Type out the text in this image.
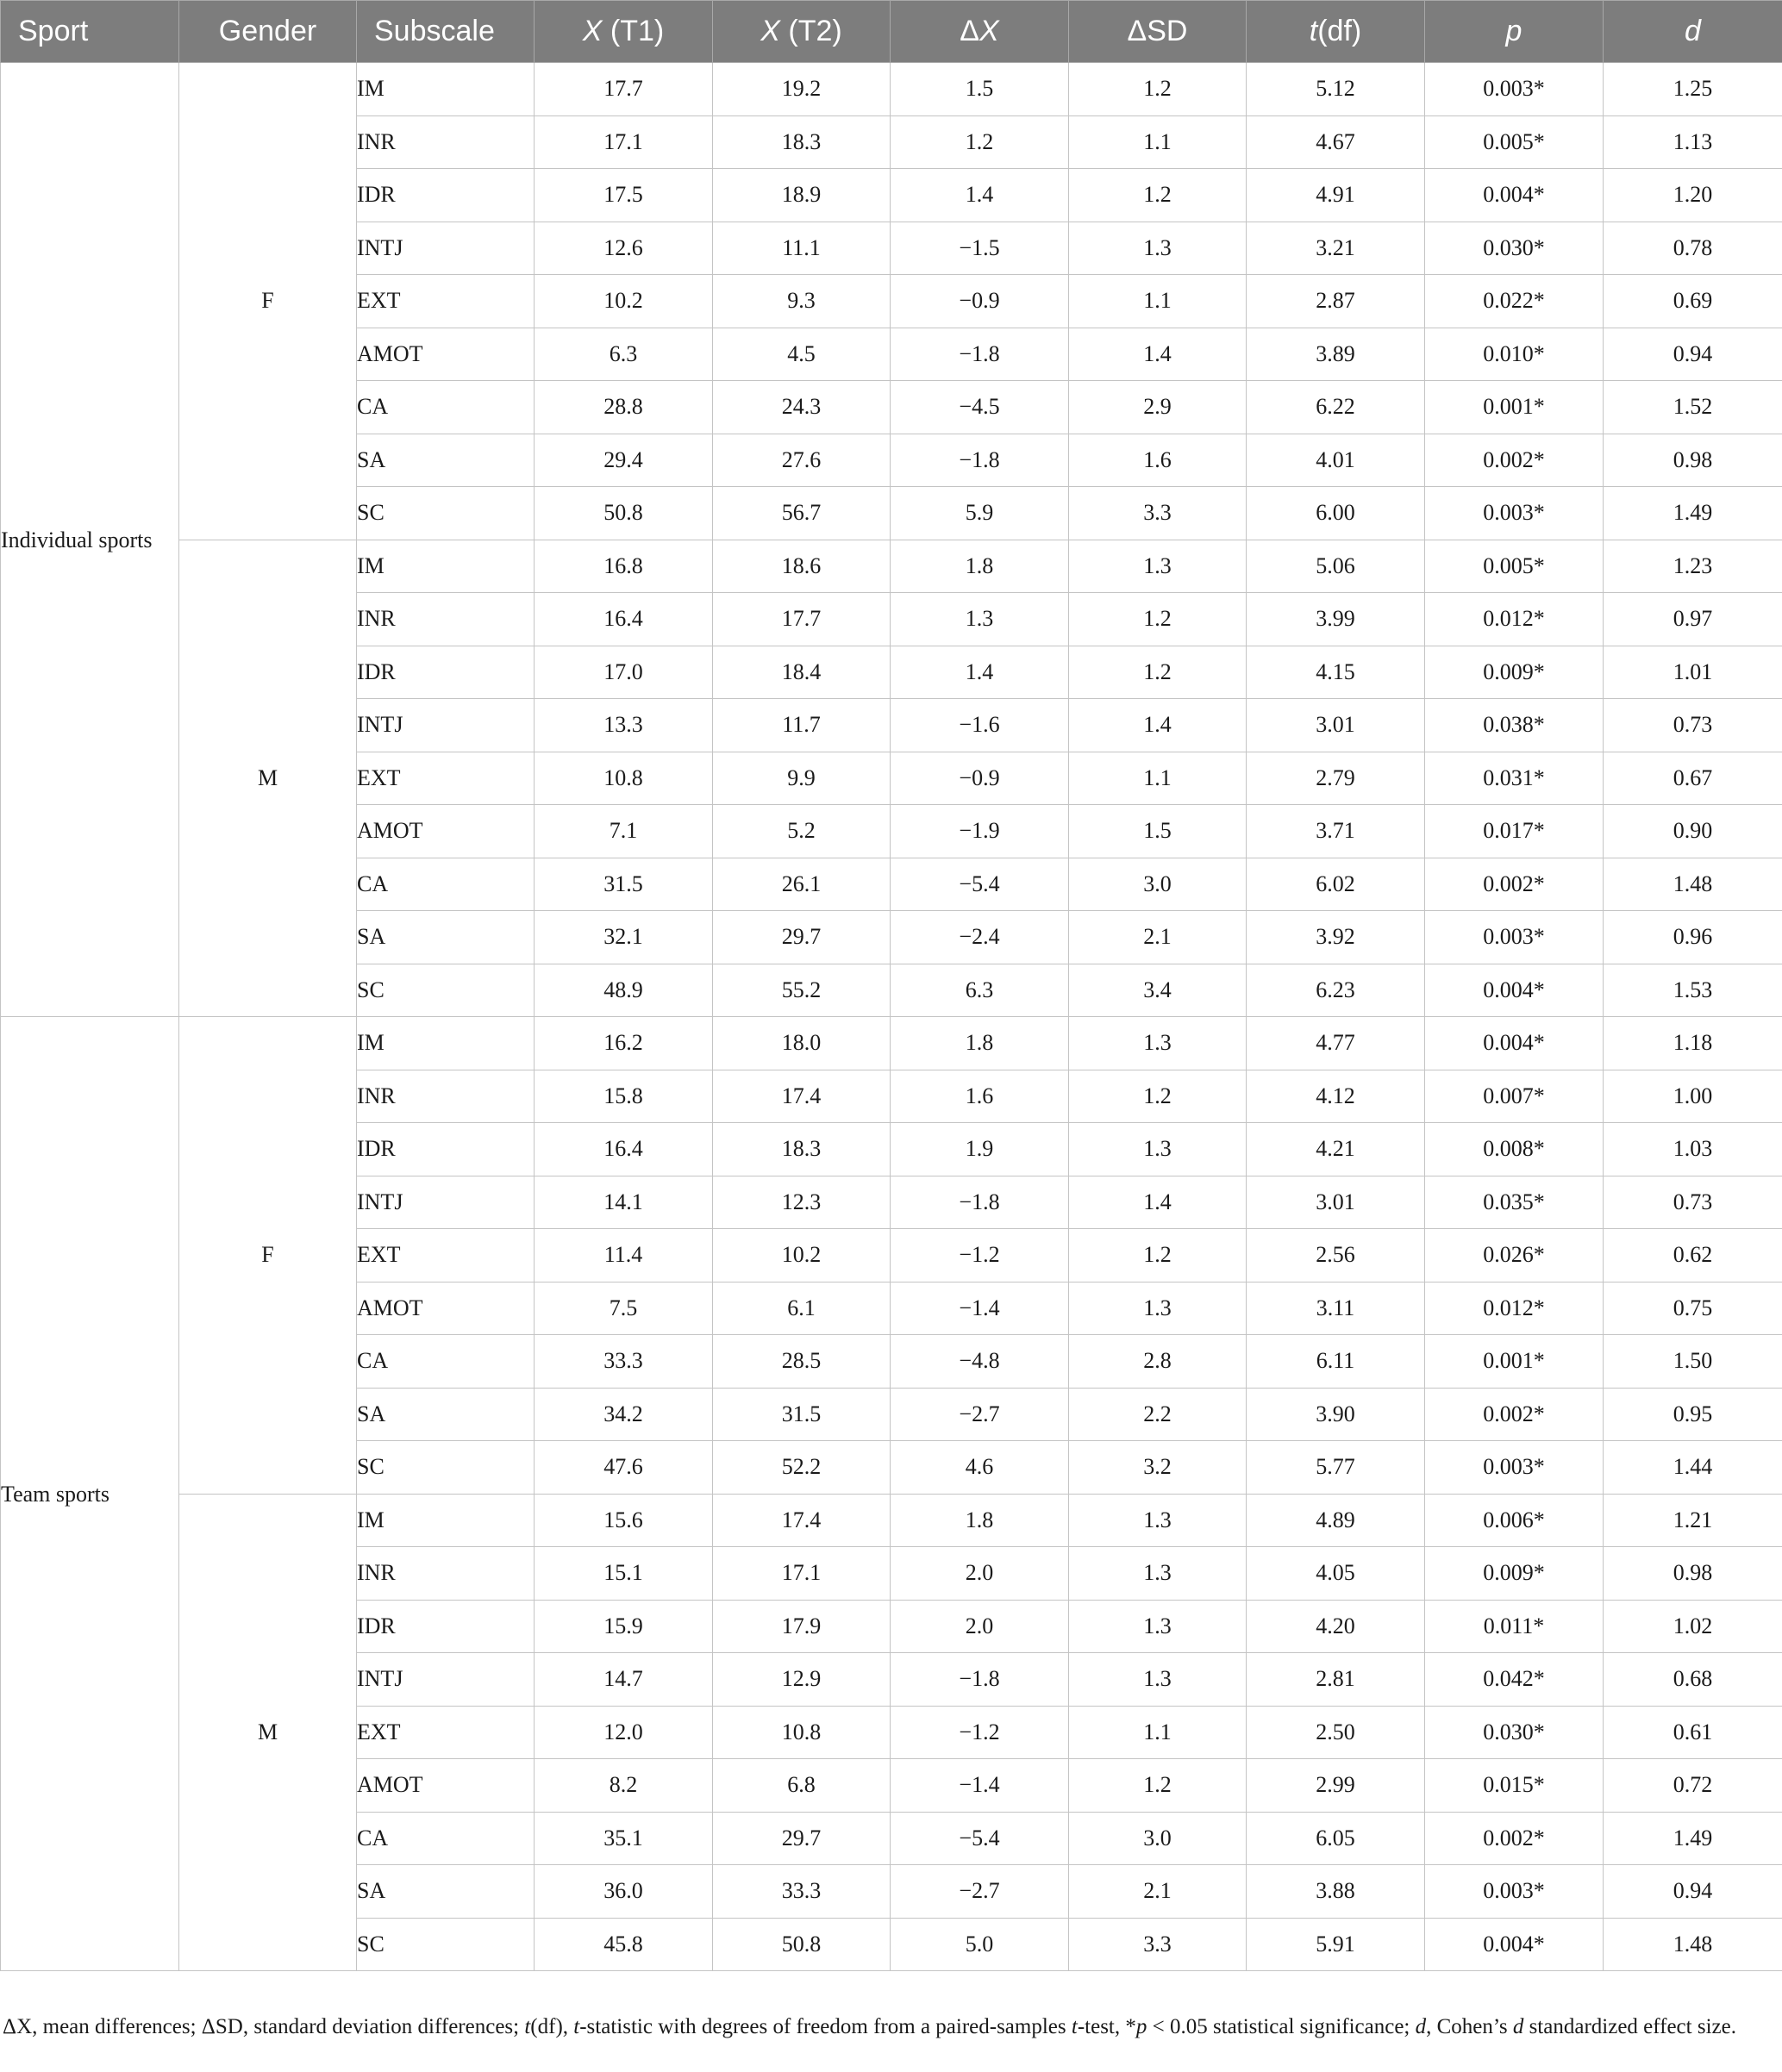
Sport	Gender	Subscale	X (T1)	X (T2)	ΔX	ΔSD	t(df)	p	d
Individual sports	F	IM	17.7	19.2	1.5	1.2	5.12	0.003*	1.25
		INR	17.1	18.3	1.2	1.1	4.67	0.005*	1.13
		IDR	17.5	18.9	1.4	1.2	4.91	0.004*	1.20
		INTJ	12.6	11.1	−1.5	1.3	3.21	0.030*	0.78
		EXT	10.2	9.3	−0.9	1.1	2.87	0.022*	0.69
		AMOT	6.3	4.5	−1.8	1.4	3.89	0.010*	0.94
		CA	28.8	24.3	−4.5	2.9	6.22	0.001*	1.52
		SA	29.4	27.6	−1.8	1.6	4.01	0.002*	0.98
		SC	50.8	56.7	5.9	3.3	6.00	0.003*	1.49
	M	IM	16.8	18.6	1.8	1.3	5.06	0.005*	1.23
		INR	16.4	17.7	1.3	1.2	3.99	0.012*	0.97
		IDR	17.0	18.4	1.4	1.2	4.15	0.009*	1.01
		INTJ	13.3	11.7	−1.6	1.4	3.01	0.038*	0.73
		EXT	10.8	9.9	−0.9	1.1	2.79	0.031*	0.67
		AMOT	7.1	5.2	−1.9	1.5	3.71	0.017*	0.90
		CA	31.5	26.1	−5.4	3.0	6.02	0.002*	1.48
		SA	32.1	29.7	−2.4	2.1	3.92	0.003*	0.96
		SC	48.9	55.2	6.3	3.4	6.23	0.004*	1.53
Team sports	F	IM	16.2	18.0	1.8	1.3	4.77	0.004*	1.18
		INR	15.8	17.4	1.6	1.2	4.12	0.007*	1.00
		IDR	16.4	18.3	1.9	1.3	4.21	0.008*	1.03
		INTJ	14.1	12.3	−1.8	1.4	3.01	0.035*	0.73
		EXT	11.4	10.2	−1.2	1.2	2.56	0.026*	0.62
		AMOT	7.5	6.1	−1.4	1.3	3.11	0.012*	0.75
		CA	33.3	28.5	−4.8	2.8	6.11	0.001*	1.50
		SA	34.2	31.5	−2.7	2.2	3.90	0.002*	0.95
		SC	47.6	52.2	4.6	3.2	5.77	0.003*	1.44
	M	IM	15.6	17.4	1.8	1.3	4.89	0.006*	1.21
		INR	15.1	17.1	2.0	1.3	4.05	0.009*	0.98
		IDR	15.9	17.9	2.0	1.3	4.20	0.011*	1.02
		INTJ	14.7	12.9	−1.8	1.3	2.81	0.042*	0.68
		EXT	12.0	10.8	−1.2	1.1	2.50	0.030*	0.61
		AMOT	8.2	6.8	−1.4	1.2	2.99	0.015*	0.72
		CA	35.1	29.7	−5.4	3.0	6.05	0.002*	1.49
		SA	36.0	33.3	−2.7	2.1	3.88	0.003*	0.94
		SC	45.8	50.8	5.0	3.3	5.91	0.004*	1.48
ΔX, mean differences; ΔSD, standard deviation differences; t(df), t-statistic with degrees of freedom from a paired-samples t-test, *p < 0.05 statistical significance; d, Cohen’s d standardized effect size.
